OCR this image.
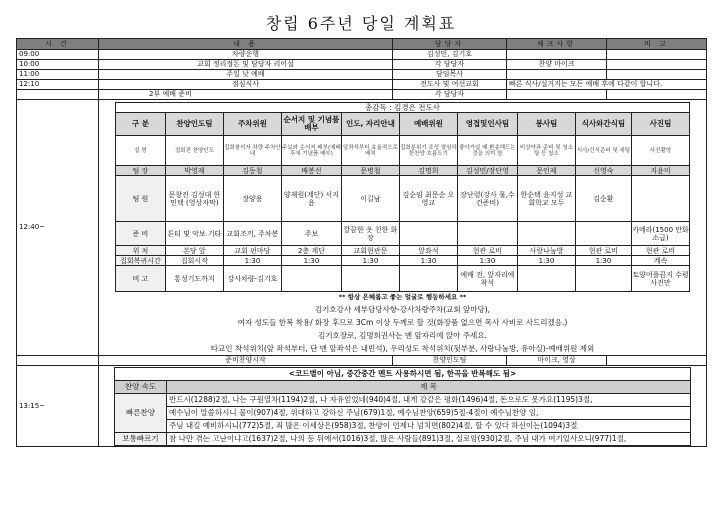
창립 6주년 당일 계획표
시 간	내 용	담당자	체크사항	비 고
09:00	차량운행	김성민, 김기호		
10:00	교회 정리정돈 및 담당자 리어설	각 담당자	찬양 마이크	
11:00	주일 낮 예배	담임목사		
12:10	점심식사	전도사 및 여선교회	빠른 식사/설거지는 모든 예배 후에 다같이 합니다.
	2부 예배 준비	각 담당자		
12:40~	
총감독 : 김경은 전도사
구 분	찬양인도팀	주차위원	순서지 및 기념품 배부	인도, 자리안내	예배위원	영접및인사팀	봉사팀	식사와간식팀	사진팀
설 명	집회전 찬양인도	집회참석자 차량 주차안내	주보와 순서지 배부(예배 후에 기념품 배부)	앞좌석부터 효율적으로 배치	집회분위기 조성 열심히 한찬양 흐름도기	좋아가실 때 환송해드는 것을 의미 함	비상약과 준비 및 청소탕 등 청소	식사/간식준비 및 세팅	사진촬영
팀 장	박영재	김동철	배봉선	문병철	김명희	김성민/장단영	문인제	신영숙	지윤미
팀 원	문창진 김성대 한민택 (영상자막)	장양용	양재원(계단) 서지윤	이길남	김순임 최문순 오영교	장난령(강사 물,수건준비)	한순택 윤지성 교회학교 모두	김순환	
준 비	튼티 및 악보 기타	교회조끼, 주차봉	주보	깔끔한 옷 친한 화장					카메라(1500 만화소급)
위 치	본당 앞	교회 펀마당	2층 계단	교회현관문	앞좌석	현관 로비	사랑나눔방	현관 로비	현관 로비
집회복귀시간	집회시작	1:30	1:30	1:30	1:30	1:30	1:30	1:30	계속
비 고	통성기도까지	강사차량-김기호				예배 전, 앞자리에 착석			토양어플끔지 수평사진만
** 항상 은혜롭고 좋는 얼굴로 행동하세요 **
김기호강사 세부담당사항-강사차량주차(교회 앞마당),
여자 성도들 한복 착용/ 화장 후므로 3Cm 이상 두께로 할 것(화장품 없으면 목사 사비로 사드리겠음.)
김기호장로, 김명희권사는 맨 앞자리에 앉아 주세요.
타교인 착석위치(앞 좌석부터, 단 맨 앞좌석은 내빈석), 우리성도 착석위치(뒷부분, 사랑나눔방, 유아실)-예배위원 제외

	준비찬양시작	찬양인도팀	마이크, 영상	
13:15~	
<코드별이 아님, 중간중간 멘트 사용하시면 됨, 한곡을 반복해도 됨>
찬양 속도	제 목
빠른찬양	반드시(1288)2절, 나는 구원열차(1194)2절, 나 자유얻었네(940)4절, 내게 강같은 평화(1496)4절, 돈으로도 못가요(1195)3절,
예수님이 말씀하시니 물이(907)4절, 위대하고 강하신 주님(679)1절, 예수님찬양(659)5절-4절이 예수님찬양 임,
주님 내길 예비하시니(772)5절, 죄 많은 이세상은(958)3절, 찬양이 언제나 넘치면(802)4절, 할 수 있다 하신이는(1094)3절
보통빠르기	참 나만 겪는 고난이냐고(1637)2절, 나의 등 뒤에서(1016)3절, 많은 사람들(891)3절, 실로암(930)2절, 주님 내가 여기있사오니(977)1절,
